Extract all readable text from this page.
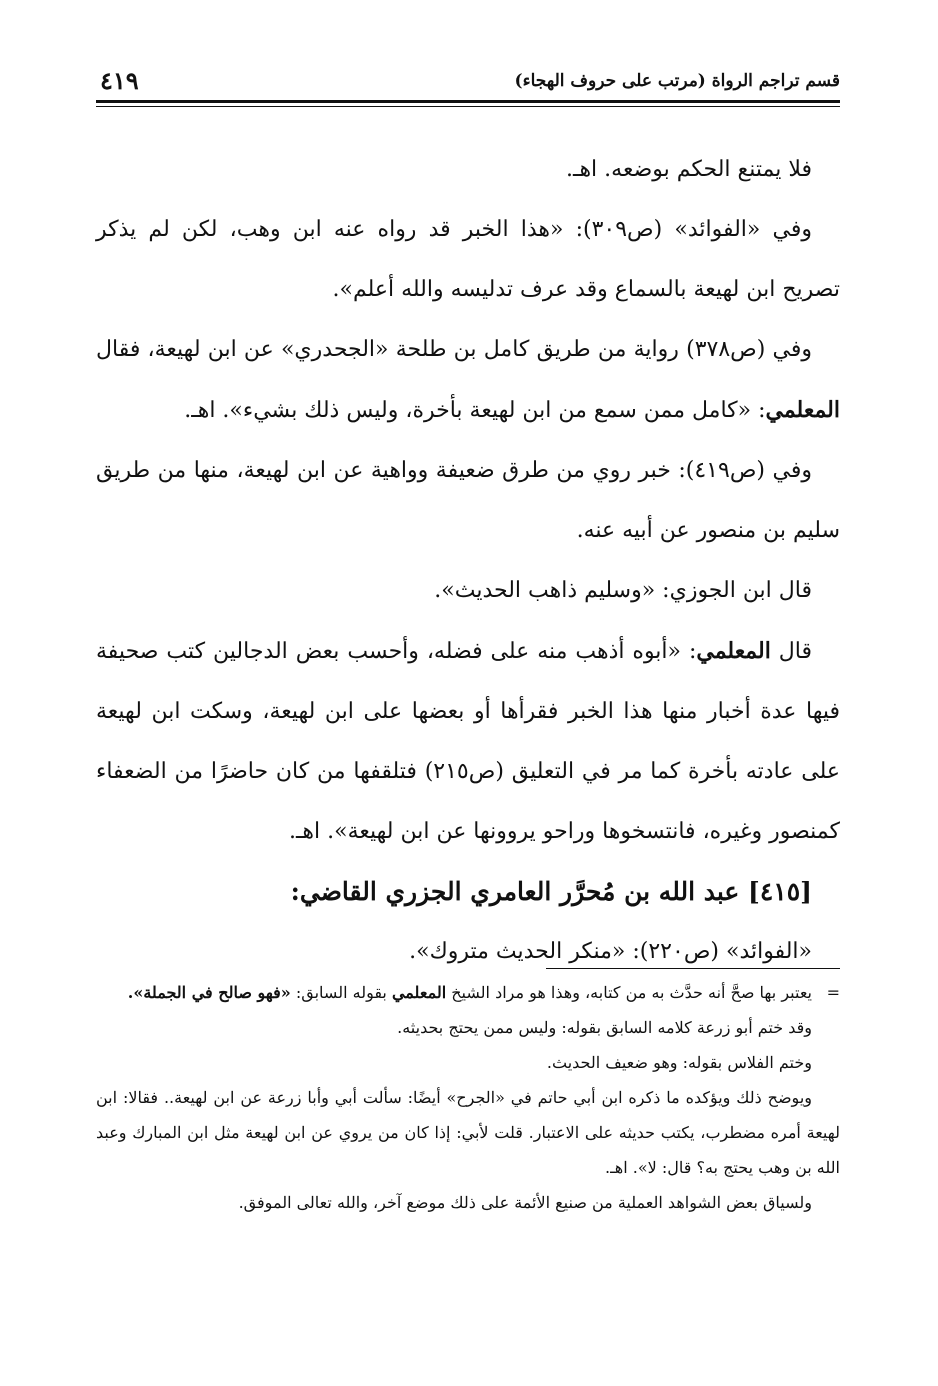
قسم تراجم الرواة (مرتب على حروف الهجاء)
٤١٩

فلا يمتنع الحكم بوضعه. اهـ.

وفي «الفوائد» (ص٣٠٩): «هذا الخبر قد رواه عنه ابن وهب، لكن لم يذكر تصريح ابن لهيعة بالسماع وقد عرف تدليسه والله أعلم».

وفي (ص٣٧٨) رواية من طريق كامل بن طلحة «الجحدري» عن ابن لهيعة، فقال المعلمي: «كامل ممن سمع من ابن لهيعة بأخرة، وليس ذلك بشيء». اهـ.

وفي (ص٤١٩): خبر روي من طرق ضعيفة وواهية عن ابن لهيعة، منها من طريق سليم بن منصور عن أبيه عنه.

قال ابن الجوزي: «وسليم ذاهب الحديث».

قال المعلمي: «أبوه أذهب منه على فضله، وأحسب بعض الدجالين كتب صحيفة فيها عدة أخبار منها هذا الخبر فقرأها أو بعضها على ابن لهيعة، وسكت ابن لهيعة على عادته بأخرة كما مر في التعليق (ص٢١٥) فتلقفها من كان حاضرًا من الضعفاء كمنصور وغيره، فانتسخوها وراحو يروونها عن ابن لهيعة». اهـ.

[٤١٥] عبد الله بن مُحرَّر العامري الجزري القاضي:

«الفوائد» (ص٢٢٠): «منكر الحديث متروك».

=يعتبر بها صحَّ أنه حدَّث به من كتابه، وهذا هو مراد الشيخ المعلمي بقوله السابق: «فهو صالح في الجملة».

وقد ختم أبو زرعة كلامه السابق بقوله: وليس ممن يحتج بحديثه.

وختم الفلاس بقوله: وهو ضعيف الحديث.

ويوضح ذلك ويؤكده ما ذكره ابن أبي حاتم في «الجرح» أيضًا: سألت أبي وأبا زرعة عن ابن لهيعة.. فقالا: ابن لهيعة أمره مضطرب، يكتب حديثه على الاعتبار. قلت لأبي: إذا كان من يروي عن ابن لهيعة مثل ابن المبارك وعبد الله بن وهب يحتج به؟ قال: لا». اهـ.

ولسياق بعض الشواهد العملية من صنيع الأئمة على ذلك موضع آخر، والله تعالى الموفق.
